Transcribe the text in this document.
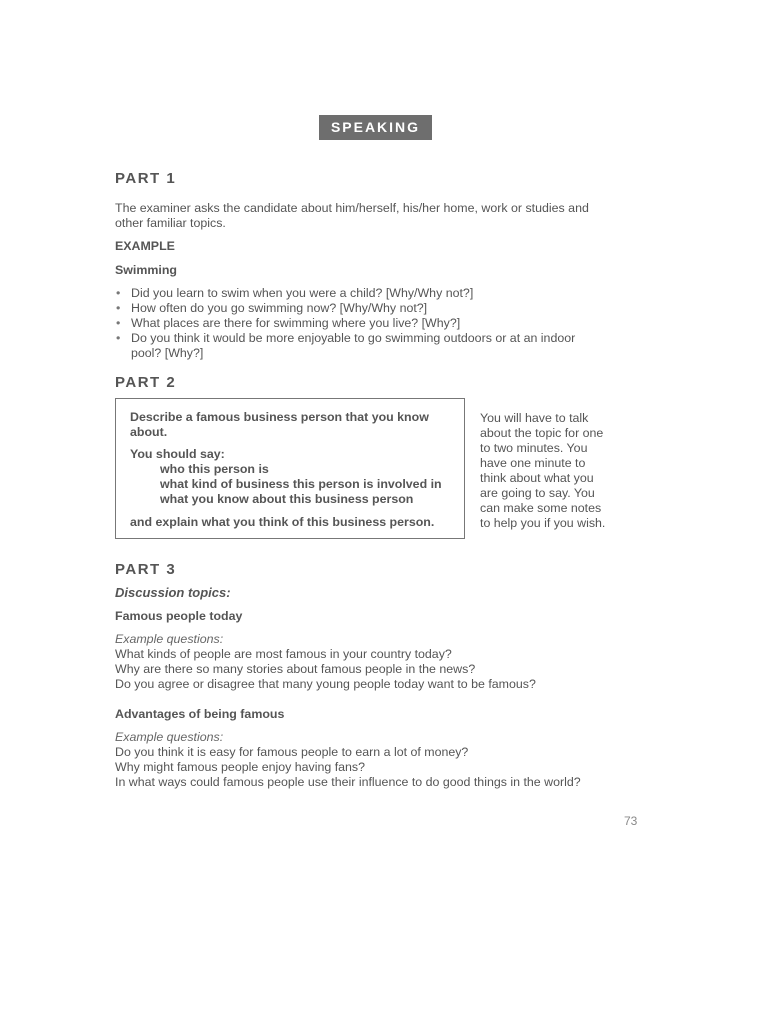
SPEAKING
PART 1
The examiner asks the candidate about him/herself, his/her home, work or studies and
other familiar topics.
EXAMPLE
Swimming
• Did you learn to swim when you were a child? [Why/Why not?]
• How often do you go swimming now? [Why/Why not?]
• What places are there for swimming where you live? [Why?]
• Do you think it would be more enjoyable to go swimming outdoors or at an indoor
pool? [Why?]
PART 2
Describe a famous business person that you know
about.
You should say:
who this person is
what kind of business this person is involved in
what you know about this business person
and explain what you think of this business person.
You will have to talk
about the topic for one
to two minutes. You
have one minute to
think about what you
are going to say. You
can make some notes
to help you if you wish.
PART 3
Discussion topics:
Famous people today
Example questions:
What kinds of people are most famous in your country today?
Why are there so many stories about famous people in the news?
Do you agree or disagree that many young people today want to be famous?
Advantages of being famous
Example questions:
Do you think it is easy for famous people to earn a lot of money?
Why might famous people enjoy having fans?
In what ways could famous people use their influence to do good things in the world?
73
